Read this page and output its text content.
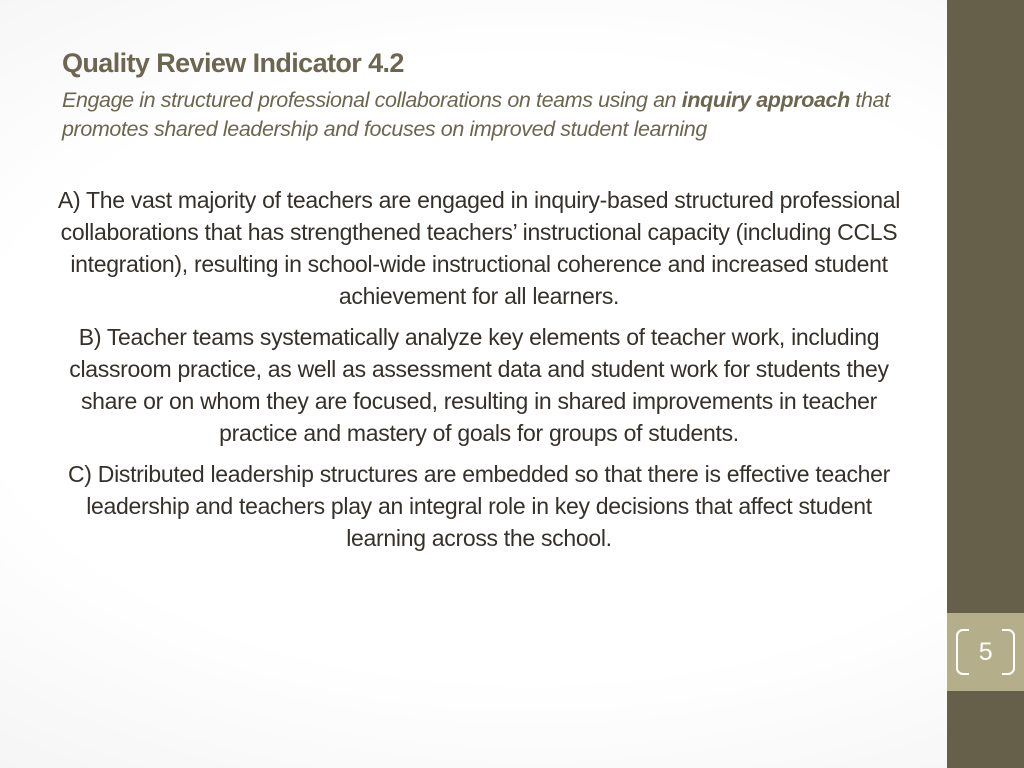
Quality Review Indicator 4.2

Engage in structured professional collaborations on teams using an inquiry approach that promotes shared leadership and focuses on improved student learning

A) The vast majority of teachers are engaged in inquiry-based structured professional collaborations that has strengthened teachers’ instructional capacity (including CCLS integration), resulting in school-wide instructional coherence and increased student achievement for all learners.

B) Teacher teams systematically analyze key elements of teacher work, including classroom practice, as well as assessment data and student work for students they share or on whom they are focused, resulting in shared improvements in teacher practice and mastery of goals for groups of students.

C) Distributed leadership structures are embedded so that there is effective teacher leadership and teachers play an integral role in key decisions that affect student learning across the school.

5
